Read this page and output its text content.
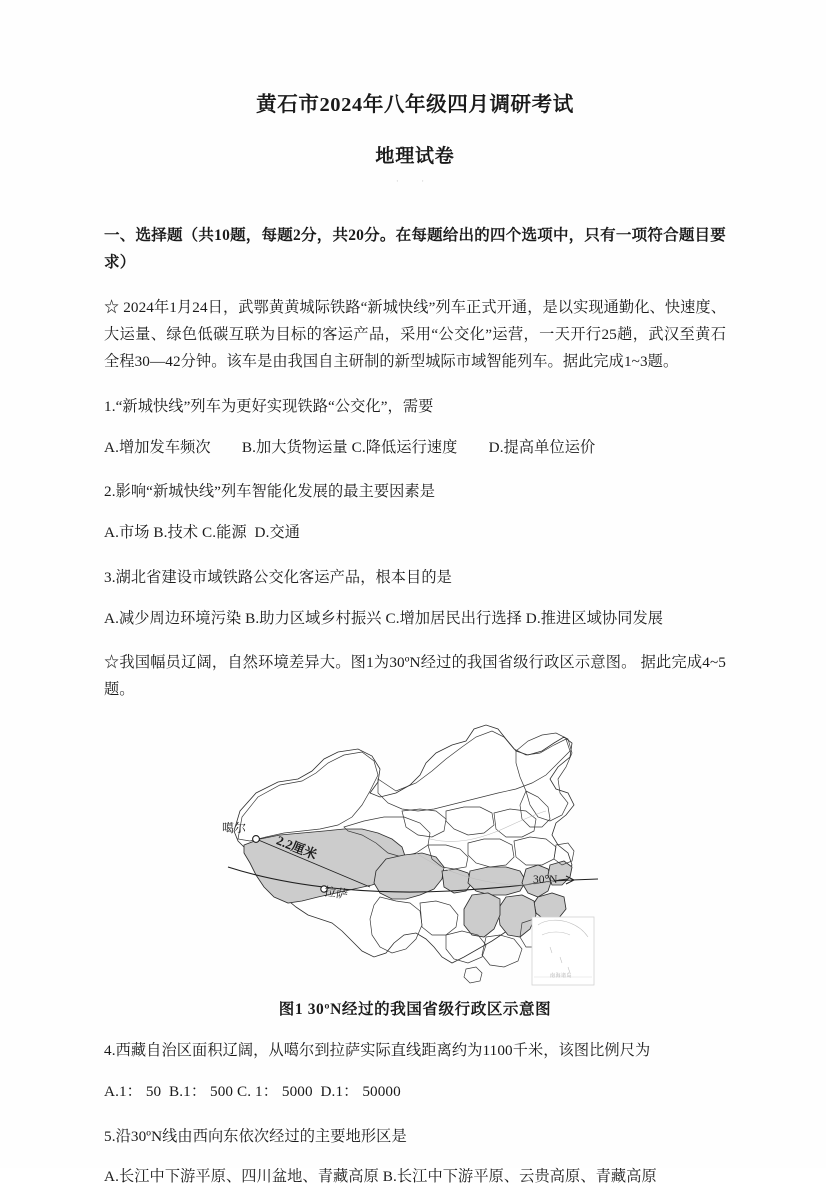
黄石市2024年八年级四月调研考试
地理试卷
· ·
一、选择题（共10题，每题2分，共20分。在每题给出的四个选项中，只有一项符合题目要求）
☆ 2024年1月24日，武鄂黄黄城际铁路“新城快线”列车正式开通，是以实现通勤化、快速度、大运量、绿色低碳互联为目标的客运产品，采用“公交化”运营，一天开行25趟，武汉至黄石全程30—42分钟。该车是由我国自主研制的新型城际市域智能列车。据此完成1~3题。
1.“新城快线”列车为更好实现铁路“公交化”，需要
A.增加发车频次        B.加大货物运量 C.降低运行速度        D.提高单位运价
2.影响“新城快线”列车智能化发展的最主要因素是
A.市场 B.技术 C.能源  D.交通
3.湖北省建设市域铁路公交化客运产品，根本目的是
A.减少周边环境污染 B.助力区域乡村振兴 C.增加居民出行选择 D.推进区域协同发展
☆我国幅员辽阔，自然环境差异大。图1为30ºN经过的我国省级行政区示意图。 据此完成4~5题。
噶尔
2.2厘米
拉萨
30°N
南海诸岛
图1 30ºN经过的我国省级行政区示意图
4.西藏自治区面积辽阔，从噶尔到拉萨实际直线距离约为1100千米，该图比例尺为
A.1： 50  B.1： 500 C. 1： 5000  D.1： 50000
5.沿30ºN线由西向东依次经过的主要地形区是
A.长江中下游平原、四川盆地、青藏高原 B.长江中下游平原、云贵高原、青藏高原
